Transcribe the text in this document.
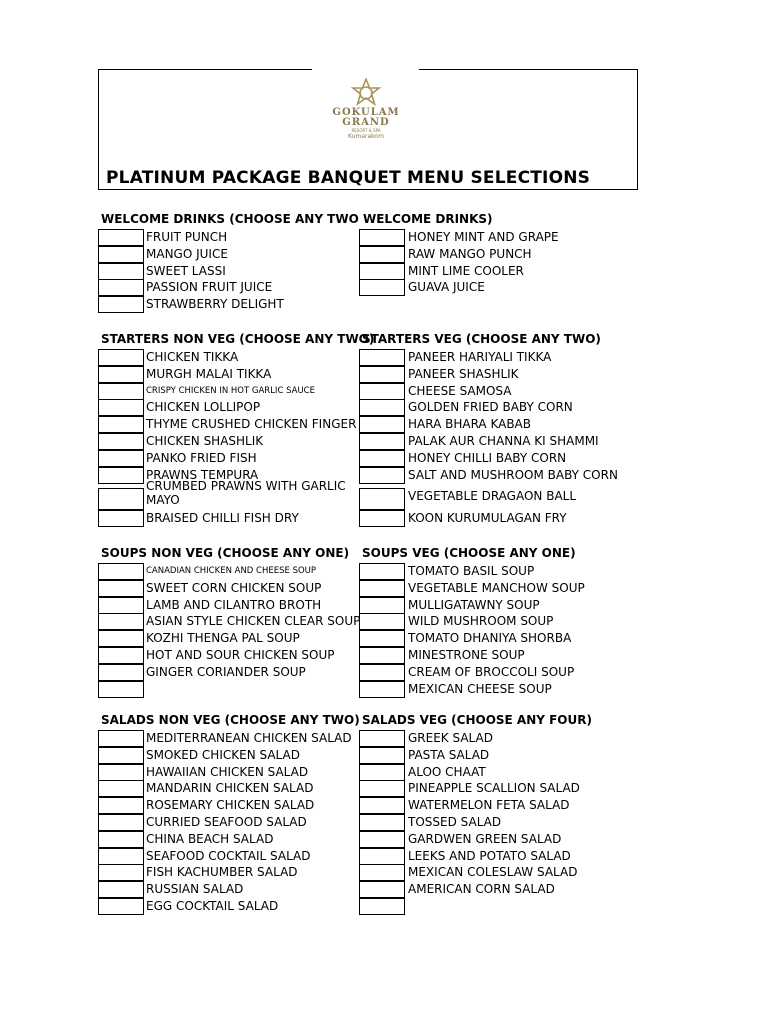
GOKULAM
GRAND
RESORT & SPA
Kumarakom
PLATINUM PACKAGE BANQUET MENU SELECTIONS
WELCOME DRINKS (CHOOSE ANY TWO WELCOME DRINKS)
FRUIT PUNCH
MANGO JUICE
SWEET LASSI
PASSION FRUIT JUICE
STRAWBERRY DELIGHT
HONEY MINT AND GRAPE
RAW MANGO PUNCH
MINT LIME COOLER
GUAVA JUICE
STARTERS NON VEG (CHOOSE ANY TWO)
CHICKEN TIKKA
MURGH MALAI TIKKA
CRISPY CHICKEN IN HOT GARLIC SAUCE
CHICKEN LOLLIPOP
THYME CRUSHED CHICKEN FINGER
CHICKEN SHASHLIK
PANKO FRIED FISH
PRAWNS TEMPURA
CRUMBED PRAWNS WITH GARLIC MAYO
BRAISED CHILLI FISH DRY
STARTERS VEG (CHOOSE ANY TWO)
PANEER HARIYALI TIKKA
PANEER SHASHLIK
CHEESE SAMOSA
GOLDEN FRIED BABY CORN
HARA BHARA KABAB
PALAK AUR CHANNA KI SHAMMI
HONEY CHILLI BABY CORN
SALT AND MUSHROOM BABY CORN
VEGETABLE DRAGAON BALL
KOON KURUMULAGAN FRY
SOUPS NON VEG (CHOOSE ANY ONE)
CANADIAN CHICKEN AND CHEESE SOUP
SWEET CORN CHICKEN SOUP
LAMB AND CILANTRO BROTH
ASIAN STYLE CHICKEN CLEAR SOUP
KOZHI THENGA PAL SOUP
HOT AND SOUR CHICKEN SOUP
GINGER CORIANDER SOUP
SOUPS VEG (CHOOSE ANY ONE)
TOMATO BASIL SOUP
VEGETABLE MANCHOW SOUP
MULLIGATAWNY SOUP
WILD MUSHROOM SOUP
TOMATO DHANIYA SHORBA
MINESTRONE SOUP
CREAM OF BROCCOLI SOUP
MEXICAN CHEESE SOUP
SALADS NON VEG (CHOOSE ANY TWO)
MEDITERRANEAN CHICKEN SALAD
SMOKED CHICKEN SALAD
HAWAIIAN CHICKEN SALAD
MANDARIN CHICKEN SALAD
ROSEMARY CHICKEN SALAD
CURRIED SEAFOOD SALAD
CHINA BEACH SALAD
SEAFOOD COCKTAIL SALAD
FISH KACHUMBER SALAD
RUSSIAN SALAD
EGG COCKTAIL SALAD
SALADS VEG (CHOOSE ANY FOUR)
GREEK SALAD
PASTA SALAD
ALOO CHAAT
PINEAPPLE SCALLION SALAD
WATERMELON FETA SALAD
TOSSED SALAD
GARDWEN GREEN SALAD
LEEKS AND POTATO SALAD
MEXICAN COLESLAW SALAD
AMERICAN CORN SALAD
